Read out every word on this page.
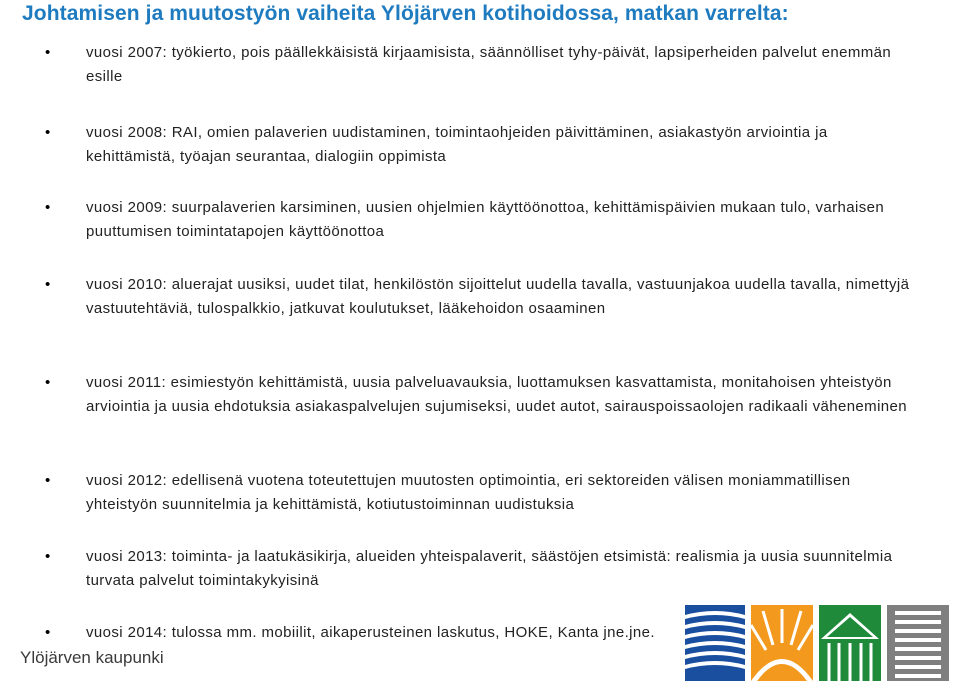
Johtamisen ja muutostyön vaiheita Ylöjärven kotihoidossa, matkan varrelta:
• vuosi 2007: työkierto, pois päällekkäisistä kirjaamisista, säännölliset tyhy-päivät, lapsiperheiden palvelut enemmän esille
• vuosi 2008: RAI, omien palaverien uudistaminen, toimintaohjeiden päivittäminen, asiakastyön arviointia ja kehittämistä, työajan seurantaa, dialogiin oppimista
• vuosi 2009: suurpalaverien karsiminen, uusien ohjelmien käyttöönottoa, kehittämispäivien mukaan tulo, varhaisen puuttumisen toimintatapojen käyttöönottoa
• vuosi 2010: aluerajat uusiksi, uudet tilat, henkilöstön sijoittelut uudella tavalla, vastuunjakoa uudella tavalla, nimettyjä vastuutehtäviä, tulospalkkio, jatkuvat koulutukset, lääkehoidon osaaminen
• vuosi 2011: esimiestyön kehittämistä, uusia palveluavauksia, luottamuksen kasvattamista, monitahoisen yhteistyön arviointia ja uusia ehdotuksia asiakaspalvelujen sujumiseksi, uudet autot, sairauspoissaolojen radikaali väheneminen
• vuosi 2012: edellisenä vuotena toteutettujen muutosten optimointia, eri sektoreiden välisen moniammatillisen yhteistyön suunnitelmia ja kehittämistä, kotiutustoiminnan uudistuksia
• vuosi 2013: toiminta- ja laatukäsikirja, alueiden yhteispalaverit, säästöjen etsimistä: realismia ja uusia suunnitelmia turvata palvelut toimintakykyisinä
• vuosi 2014: tulossa mm. mobiilit, aikaperusteinen laskutus, HOKE, Kanta jne.jne.
Ylöjärven kaupunki
